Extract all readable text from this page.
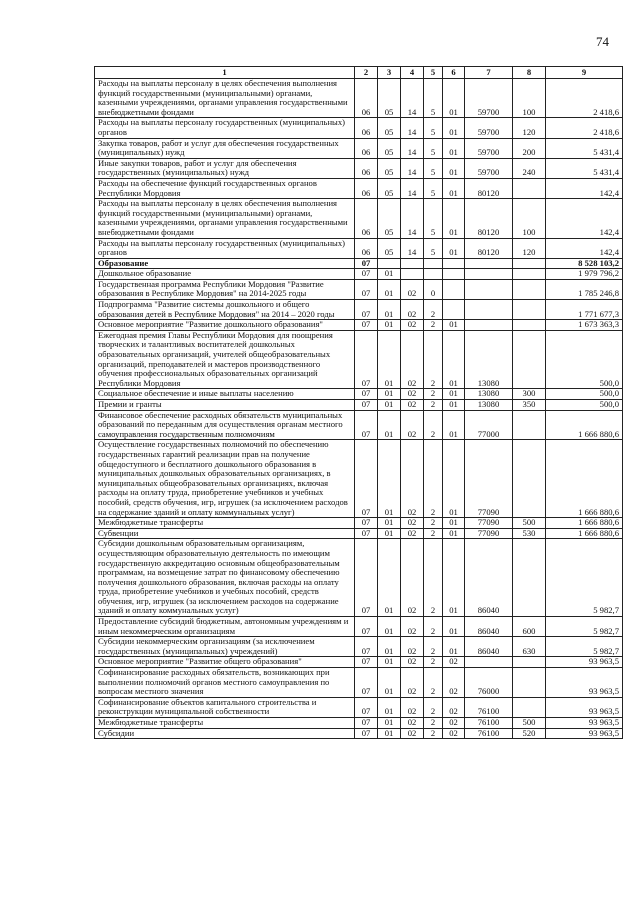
74
1	2	3	4	5	6	7	8	9
Расходы на выплаты персоналу в целях обеспечения выполнения функций государственными (муниципальными) органами, казенными учреждениями, органами управления государственными внебюджетными фондами	06	05	14	5	01	59700	100	2 418,6
Расходы на выплаты персоналу государственных (муниципальных) органов	06	05	14	5	01	59700	120	2 418,6
Закупка товаров, работ и услуг для обеспечения государственных (муниципальных) нужд	06	05	14	5	01	59700	200	5 431,4
Иные закупки товаров, работ и услуг для обеспечения государственных (муниципальных) нужд	06	05	14	5	01	59700	240	5 431,4
Расходы на обеспечение функций государственных органов Республики Мордовия	06	05	14	5	01	80120		142,4
Расходы на выплаты персоналу в целях обеспечения выполнения функций государственными (муниципальными) органами, казенными учреждениями, органами управления государственными внебюджетными фондами	06	05	14	5	01	80120	100	142,4
Расходы на выплаты персоналу государственных (муниципальных) органов	06	05	14	5	01	80120	120	142,4
Образование	07							8 528 103,2
Дошкольное образование	07	01						1 979 796,2
Государственная программа Республики Мордовия "Развитие образования в Республике Мордовия" на 2014-2025 годы	07	01	02	0				1 785 246,8
Подпрограмма "Развитие системы дошкольного и общего образования детей в Республике Мордовия" на 2014 – 2020 годы	07	01	02	2				1 771 677,3
Основное мероприятие "Развитие дошкольного образования"	07	01	02	2	01			1 673 363,3
Ежегодная премия Главы Республики Мордовия для поощрения творческих и талантливых воспитателей дошкольных образовательных организаций, учителей общеобразовательных организаций, преподавателей и мастеров производственного обучения профессиональных образовательных организаций Республики Мордовия	07	01	02	2	01	13080		500,0
Социальное обеспечение и иные выплаты населению	07	01	02	2	01	13080	300	500,0
Премии и гранты	07	01	02	2	01	13080	350	500,0
Финансовое обеспечение расходных обязательств муниципальных образований по переданным для осуществления органам местного самоуправления государственным полномочиям	07	01	02	2	01	77000		1 666 880,6
Осуществление государственных полномочий по обеспечению государственных гарантий реализации прав на получение общедоступного и бесплатного дошкольного образования в муниципальных дошкольных образовательных организациях, в муниципальных общеобразовательных организациях, включая расходы на оплату труда, приобретение учебников и учебных пособий, средств обучения, игр, игрушек (за исключением расходов на содержание зданий и оплату коммунальных услуг)	07	01	02	2	01	77090		1 666 880,6
Межбюджетные трансферты	07	01	02	2	01	77090	500	1 666 880,6
Субвенции	07	01	02	2	01	77090	530	1 666 880,6
Субсидии дошкольным образовательным организациям, осуществляющим образовательную деятельность по имеющим государственную аккредитацию основным общеобразовательным программам, на возмещение затрат по финансовому обеспечению получения дошкольного образования, включая расходы на оплату труда, приобретение учебников и учебных пособий, средств обучения, игр, игрушек (за исключением расходов на содержание зданий и оплату коммунальных услуг)	07	01	02	2	01	86040		5 982,7
Предоставление субсидий бюджетным, автономным учреждениям и иным некоммерческим организациям	07	01	02	2	01	86040	600	5 982,7
Субсидии некоммерческим организациям (за исключением государственных (муниципальных) учреждений)	07	01	02	2	01	86040	630	5 982,7
Основное мероприятие "Развитие общего образования"	07	01	02	2	02			93 963,5
Софинансирование расходных обязательств, возникающих при выполнении полномочий органов местного самоуправления по вопросам местного значения	07	01	02	2	02	76000		93 963,5
Софинансирование объектов капитального строительства и реконструкции муниципальной собственности	07	01	02	2	02	76100		93 963,5
Межбюджетные трансферты	07	01	02	2	02	76100	500	93 963,5
Субсидии	07	01	02	2	02	76100	520	93 963,5
